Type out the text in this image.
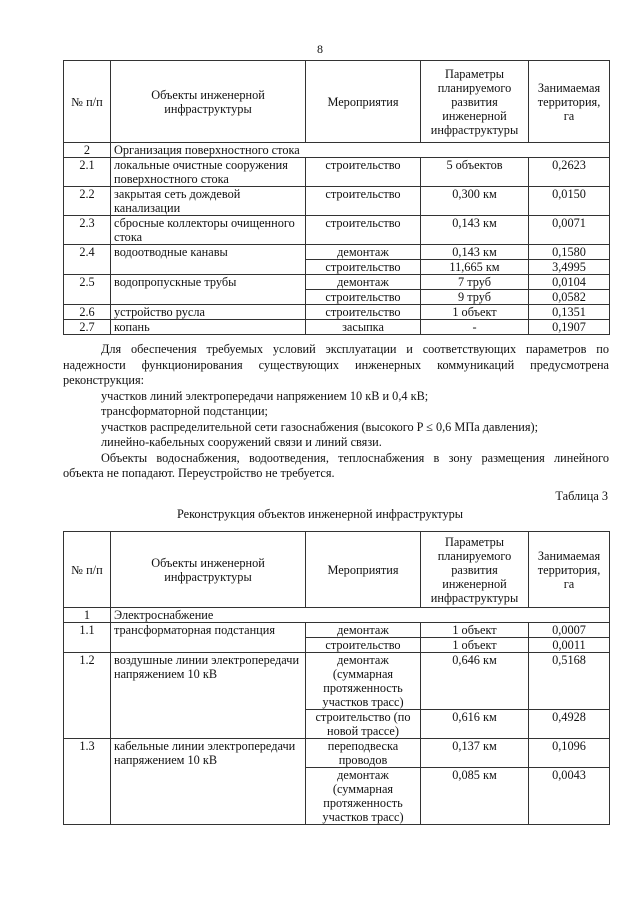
8
№ п/п	Объекты инженерной инфраструктуры	Мероприятия	Параметры планируемого развития инженерной инфраструктуры	Занимаемая территория, га
2	Организация поверхностного стока			
2.1	локальные очистные сооружения поверхностного стока	строительство	5 объектов	0,2623
2.2	закрытая сеть дождевой канализации	строительство	0,300 км	0,0150
2.3	сбросные коллекторы очищенного стока	строительство	0,143 км	0,0071
2.4	водоотводные канавы	демонтаж	0,143 км	0,1580
		строительство	11,665 км	3,4995
2.5	водопропускные трубы	демонтаж	7 труб	0,0104
		строительство	9 труб	0,0582
2.6	устройство русла	строительство	1 объект	0,1351
2.7	копань	засыпка	-	0,1907

Для обеспечения требуемых условий эксплуатации и соответствующих параметров по надежности функционирования существующих инженерных коммуникаций предусмотрена реконструкция:

участков линий электропередачи напряжением 10 кВ и 0,4 кВ;

трансформаторной подстанции;

участков распределительной сети газоснабжения (высокого P ≤ 0,6 МПа давления);

линейно-кабельных сооружений связи и линий связи.

Объекты водоснабжения, водоотведения, теплоснабжения в зону размещения линейного объекта не попадают. Переустройство не требуется.

Таблица 3
Реконструкция объектов инженерной инфраструктуры
№ п/п	Объекты инженерной инфраструктуры	Мероприятия	Параметры планируемого развития инженерной инфраструктуры	Занимаемая территория, га
1	Электроснабжение			
1.1	трансформаторная подстанция	демонтаж	1 объект	0,0007
		строительство	1 объект	0,0011
1.2	воздушные линии электропередачи напряжением 10 кВ	демонтаж (суммарная протяженность участков трасс)	0,646 км	0,5168
		строительство (по новой трассе)	0,616 км	0,4928
1.3	кабельные линии электропередачи напряжением 10 кВ	переподвеска проводов	0,137 км	0,1096
		демонтаж (суммарная протяженность участков трасс)	0,085 км	0,0043
